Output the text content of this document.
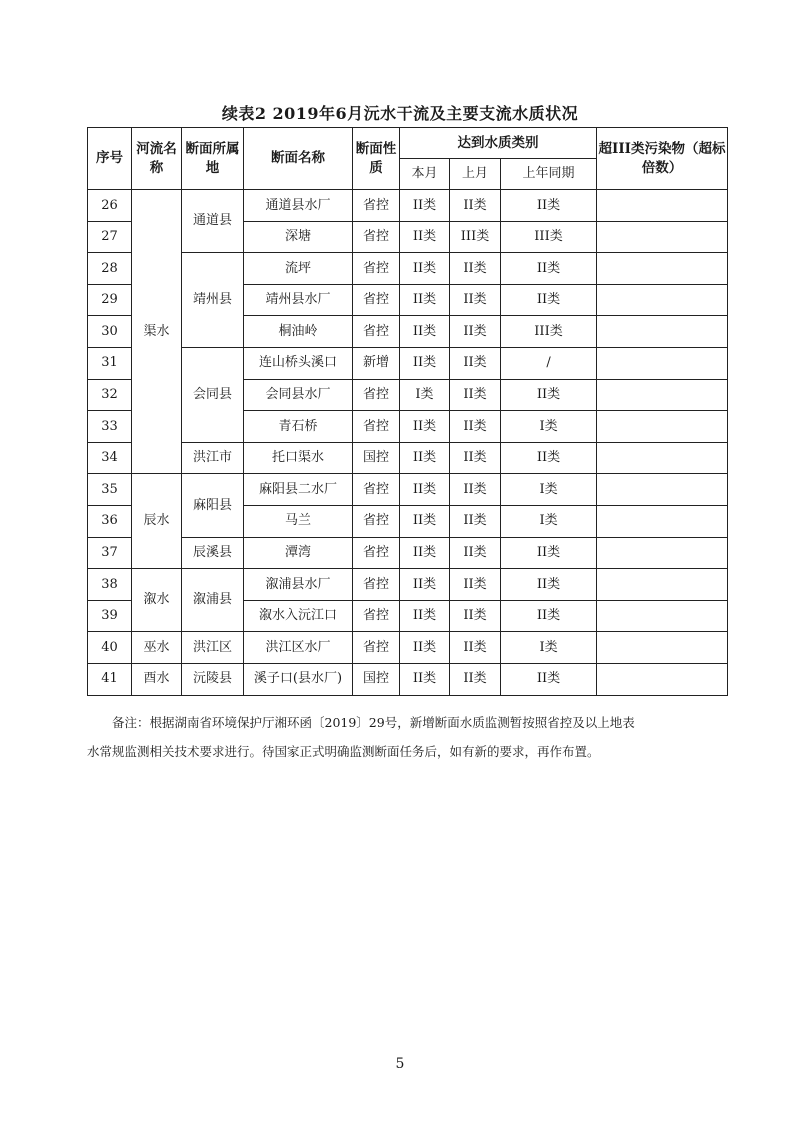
续表2 2019年6月沅水干流及主要支流水质状况
序号	河流名称	断面所属地	断面名称	断面性质	达到水质类别			超III类污染物（超标倍数）
					本月	上月	上年同期	
26	渠水	通道县	通道县水厂	省控	II类	II类	II类	
27			深塘	省控	II类	III类	III类	
28		靖州县	流坪	省控	II类	II类	II类	
29			靖州县水厂	省控	II类	II类	II类	
30			桐油岭	省控	II类	II类	III类	
31		会同县	连山桥头溪口	新增	II类	II类	/	
32			会同县水厂	省控	I类	II类	II类	
33			青石桥	省控	II类	II类	I类	
34		洪江市	托口渠水	国控	II类	II类	II类	
35	辰水	麻阳县	麻阳县二水厂	省控	II类	II类	I类	
36			马兰	省控	II类	II类	I类	
37		辰溪县	潭湾	省控	II类	II类	II类	
38	溆水	溆浦县	溆浦县水厂	省控	II类	II类	II类	
39			溆水入沅江口	省控	II类	II类	II类	
40	巫水	洪江区	洪江区水厂	省控	II类	II类	I类	
41	酉水	沅陵县	溪子口(县水厂)	国控	II类	II类	II类	
备注：根据湖南省环境保护厅湘环函〔2019〕29号，新增断面水质监测暂按照省控及以上地表
水常规监测相关技术要求进行。待国家正式明确监测断面任务后，如有新的要求，再作布置。
5
